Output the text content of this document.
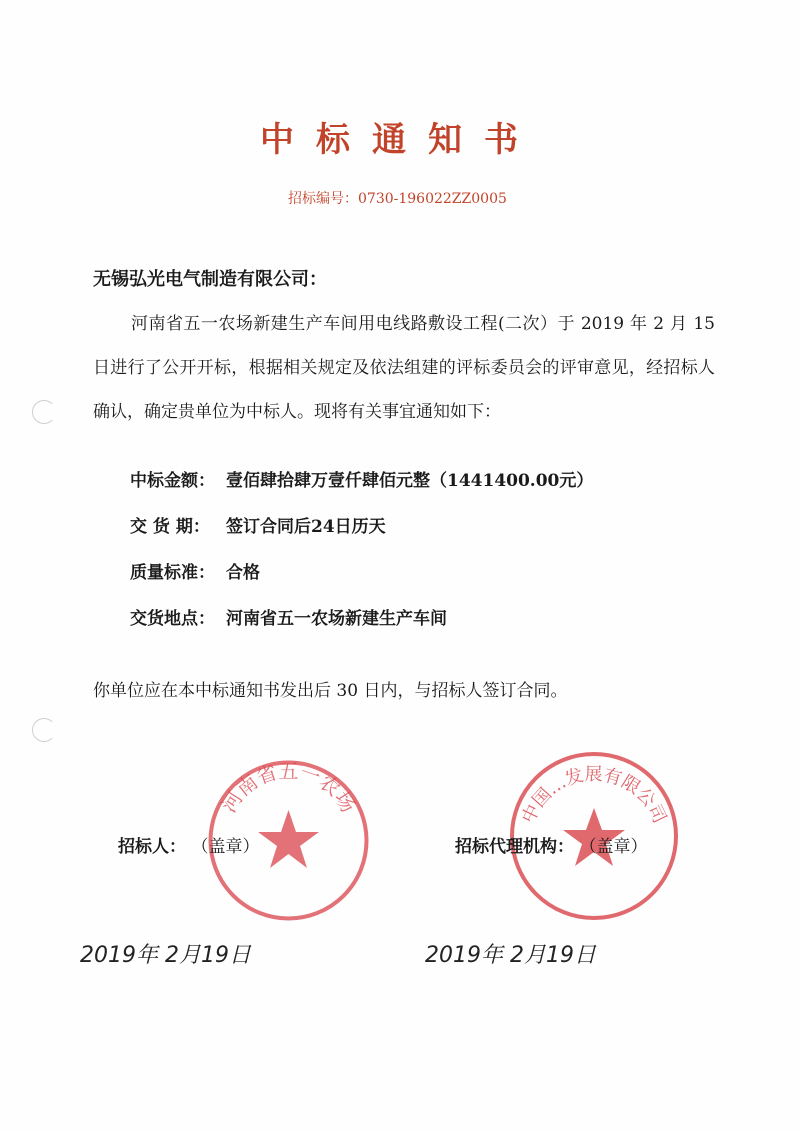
中标通知书
招标编号：0730-196022ZZ0005
无锡弘光电气制造有限公司：
河南省五一农场新建生产车间用电线路敷设工程(二次）于 2019 年 2 月 15 日进行了公开开标，根据相关规定及依法组建的评标委员会的评审意见，经招标人确认，确定贵单位为中标人。现将有关事宜通知如下：
中标金额： 壹佰肆拾肆万壹仟肆佰元整（1441400.00元）
交 货 期： 签订合同后24日历天
质量标准： 合格
交货地点： 河南省五一农场新建生产车间
你单位应在本中标通知书发出后 30 日内，与招标人签订合同。
河南省五一农场	中国...发展有限公司
招标人： （盖章）	招标代理机构： （盖章）
2019年 2月19日	2019年 2月19日
